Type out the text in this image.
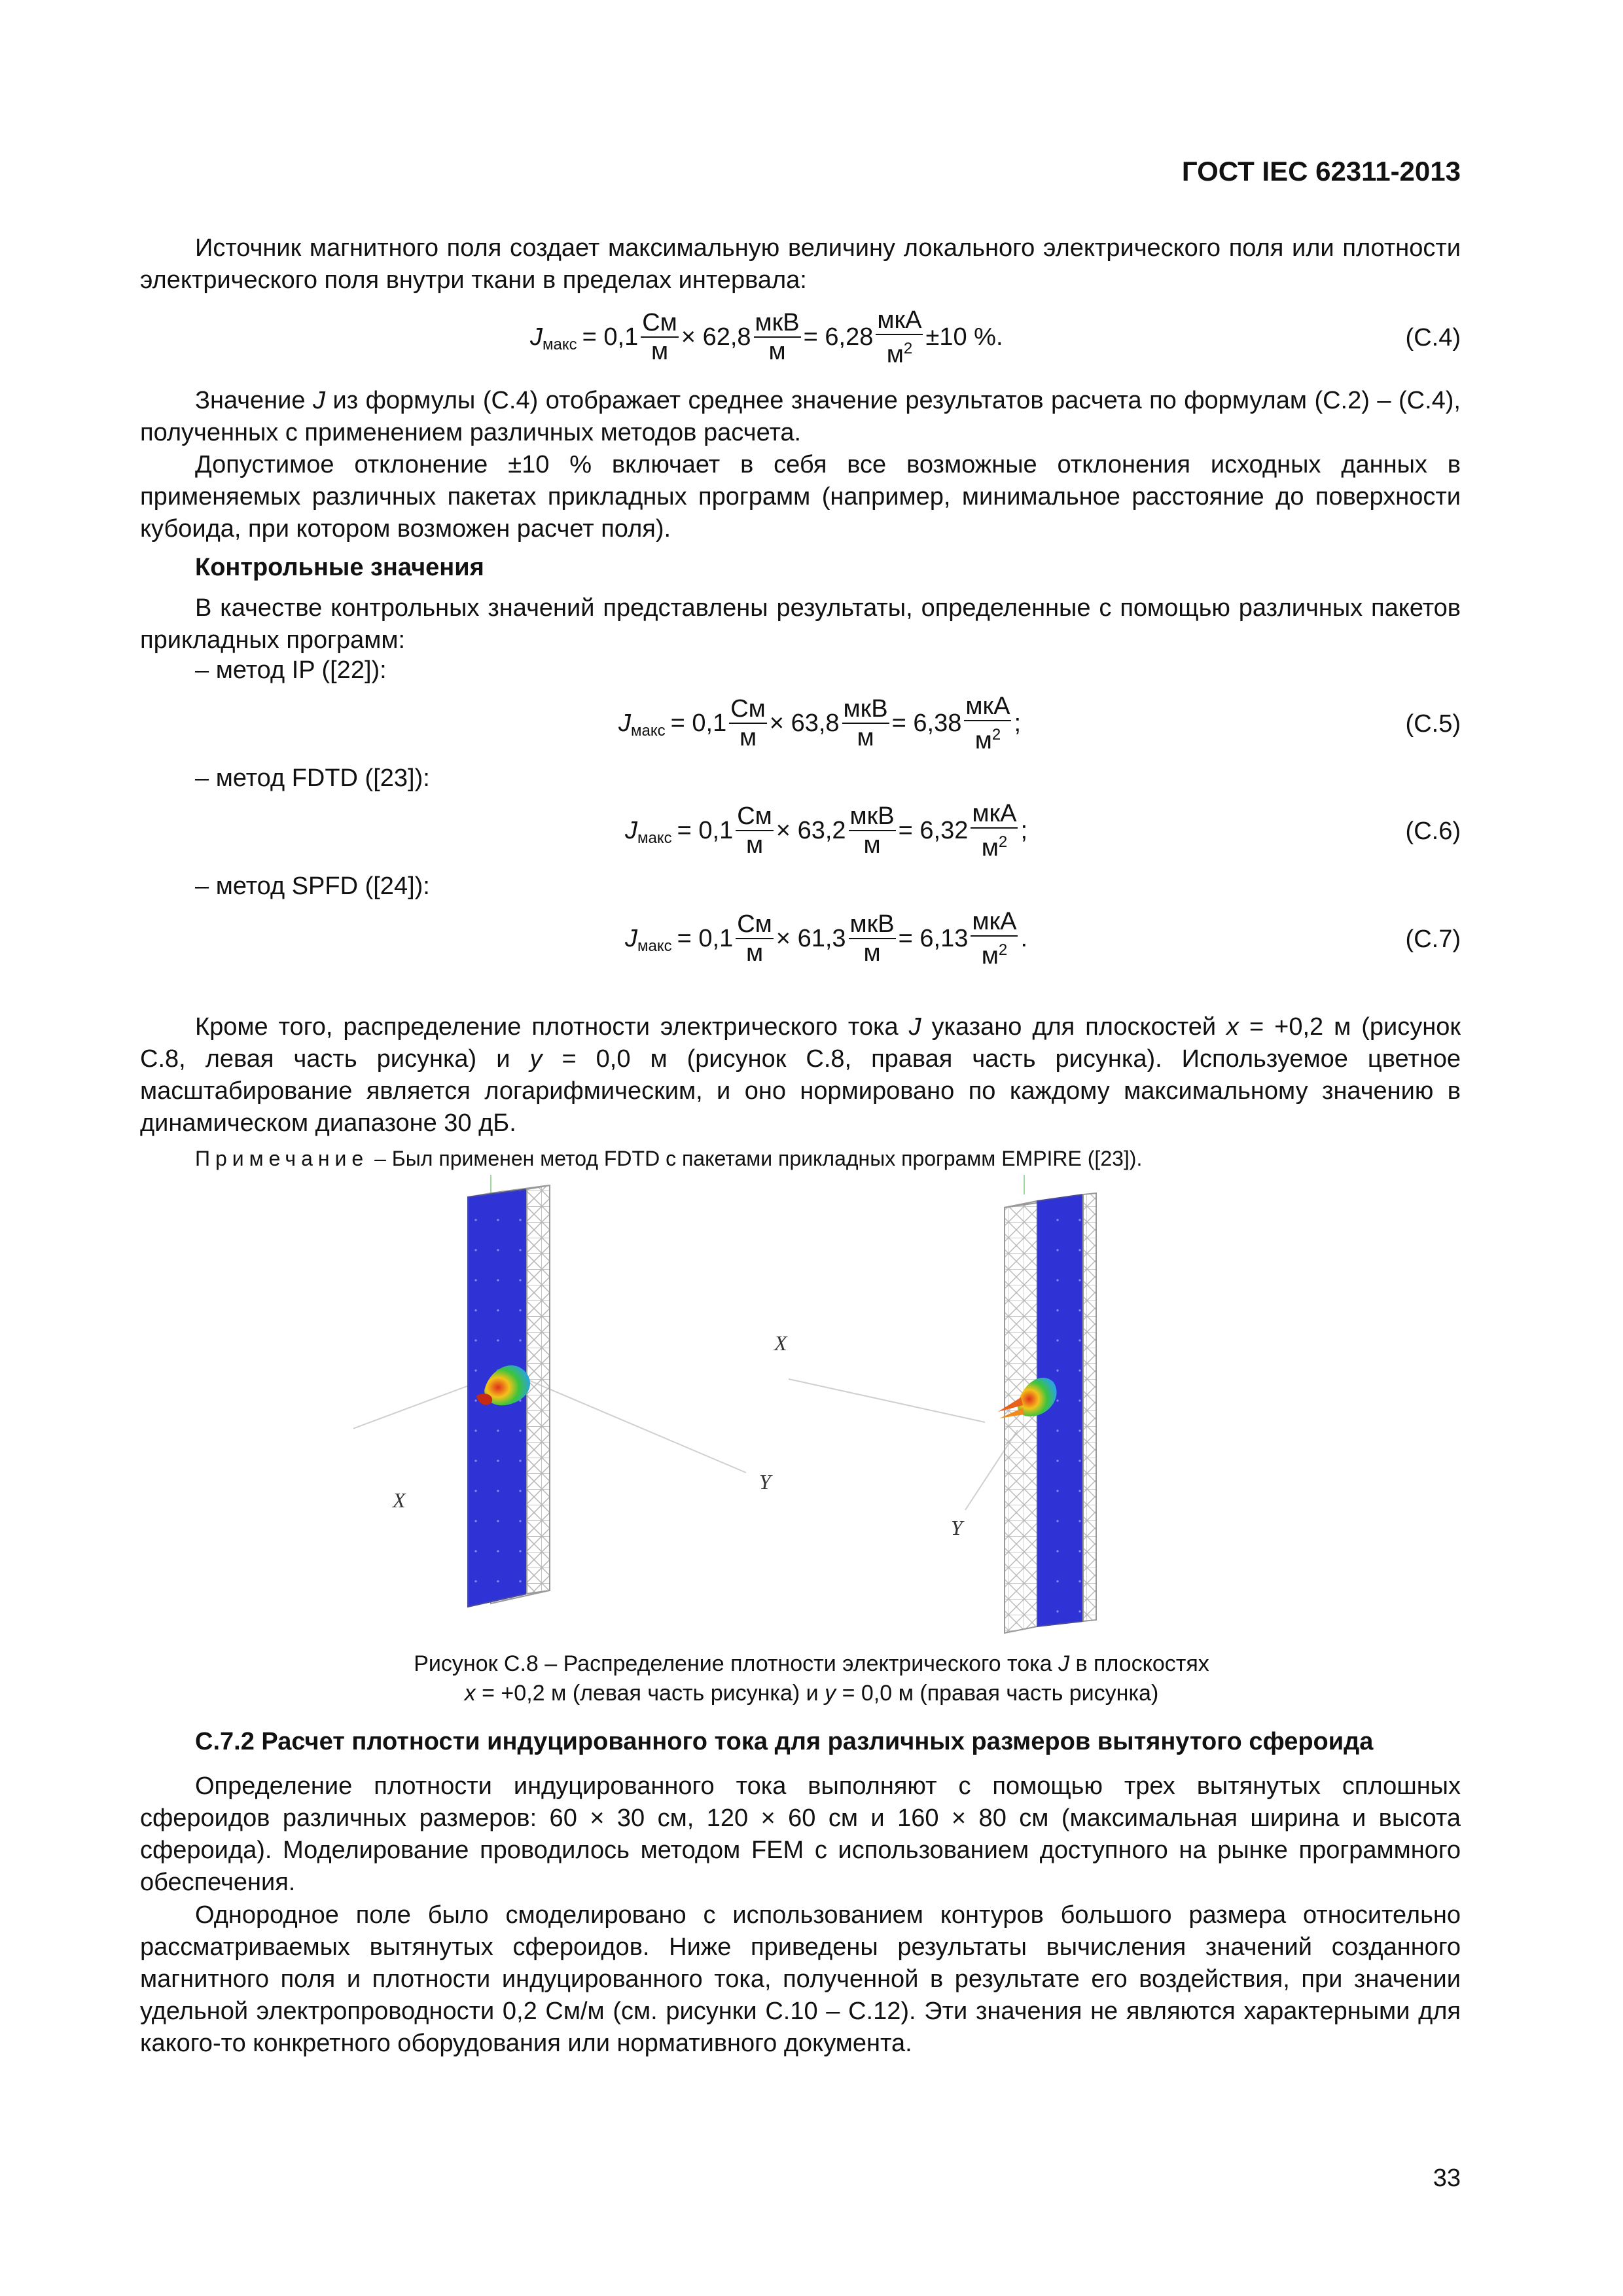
ГОСТ IEC 62311-2013

Источник магнитного поля создает максимальную величину локального электрического поля или плотности электрического поля внутри ткани в пределах интервала:

J макс =
0,1
См
м
×
62,8
мкВ
м
=
6,28
мкА
$м^2 \pm 10$ %.	(С.4)

Значение J из формулы (С.4) отображает среднее значение результатов расчета по формулам (С.2) – (С.4), полученных с применением различных методов расчета.

Допустимое отклонение ±10 % включает в себя все возможные отклонения исходных данных в применяемых различных пакетах прикладных программ (например, минимальное расстояние до поверхности кубоида, при котором возможен расчет поля).

Контрольные значения

В качестве контрольных значений представлены результаты, определенные с помощью различных пакетов прикладных программ:

– метод IP ([22]):
J макс =
0,1
См
м
×
63,8
мкВ
м
=
6,38
мкА
$м^2$ ;	(С.5)
– метод FDTD ([23]):
J макс =
0,1
См
м
×
63,2
мкВ
м
=
6,32
мкА
$м^2$ ;	(С.6)
– метод SPFD ([24]):
J макс =
0,1
См
м
×
61,3
мкВ
м
=
6,13
мкА
$м^2$ .	(С.7)

Кроме того, распределение плотности электрического тока J указано для плоскостей x = +0,2 м (рисунок С.8, левая часть рисунка) и y = 0,0 м (рисунок С.8, правая часть рисунка). Используемое цветное масштабирование является логарифмическим, и оно нормировано по каждому максимальному значению в динамическом диапазоне 30 дБ.

Примечание – Был применен метод FDTD с пакетами прикладных программ EMPIRE ([23]).
X
Y
X
Y
Рисунок С.8 – Распределение плотности электрического тока J в плоскостях
x = +0,2 м (левая часть рисунка) и y = 0,0 м (правая часть рисунка)
С.7.2 Расчет плотности индуцированного тока для различных размеров вытянутого сфероида

Определение плотности индуцированного тока выполняют с помощью трех вытянутых сплошных сфероидов различных размеров: 60 × 30 см, 120 × 60 см и 160 × 80 см (максимальная ширина и высота сфероида). Моделирование проводилось методом FEM с использованием доступного на рынке программного обеспечения.

Однородное поле было смоделировано с использованием контуров большого размера относительно рассматриваемых вытянутых сфероидов. Ниже приведены результаты вычисления значений созданного магнитного поля и плотности индуцированного тока, полученной в результате его воздействия, при значении удельной электропроводности 0,2 См/м (см. рисунки С.10 – С.12). Эти значения не являются характерными для какого-то конкретного оборудования или нормативного документа.

33
